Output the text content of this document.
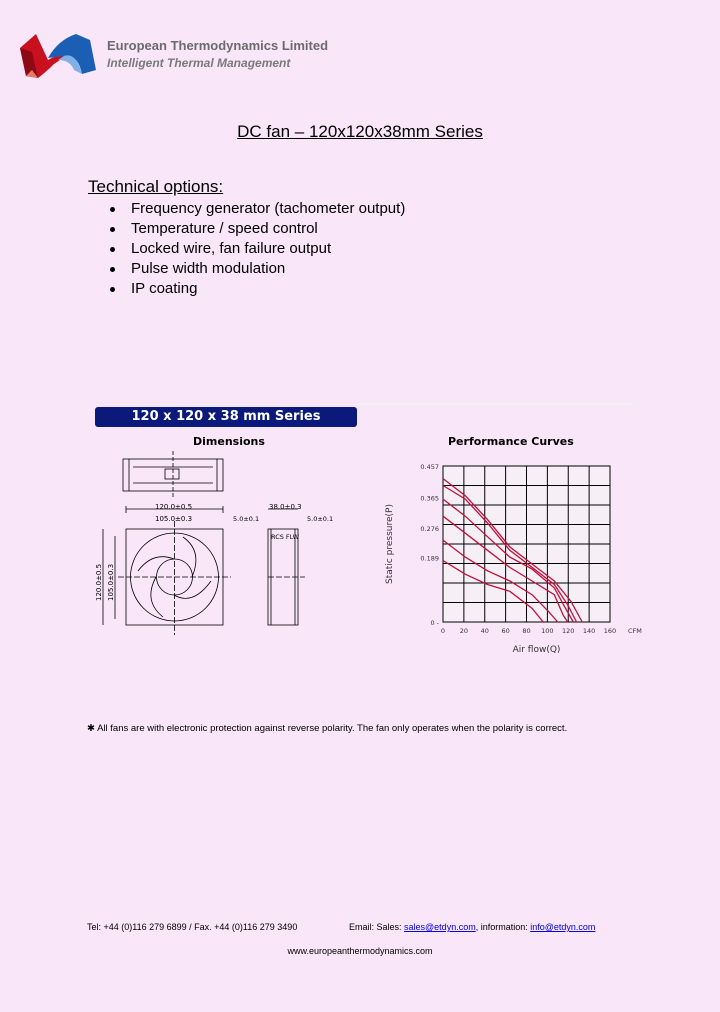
European Thermodynamics Limited
Intelligent Thermal Management
DC fan – 120x120x38mm Series
Technical options:
Frequency generator (tachometer output)
Temperature / speed control
Locked wire, fan failure output
Pulse width modulation
IP coating
120 x 120 x 38 mm Series
Dimensions	Performance Curves
120.0±0.5
105.0±0.3
120.0±0.5 105.0±0.3
38.0±0.3
5.0±0.1	5.0±0.1
RCS FLW
0 -
0.189
0.276
0.365
0.457
0 20 40 60 80 100 120 140 160 CFM
Air flow(Q)
Static pressure(P)
✱ All fans are with electronic protection against reverse polarity. The fan only operates when the polarity is correct.
Tel: +44 (0)116 279 6899 / Fax. +44 (0)116 279 3490	Email: Sales: sales@etdyn.com, information: info@etdyn.com
www.europeanthermodynamics.com
